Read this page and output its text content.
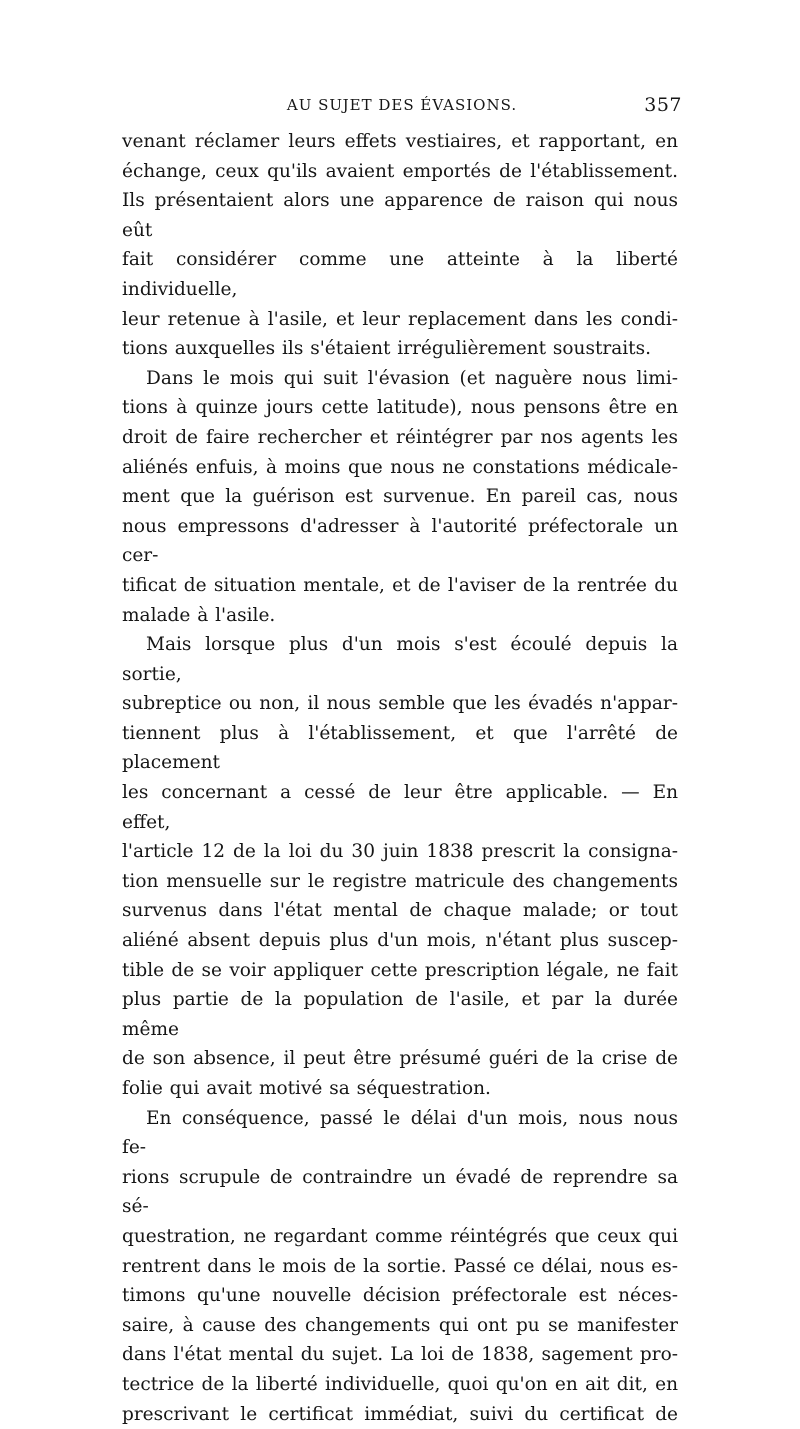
AU SUJET DES ÉVASIONS.	357

venant réclamer leurs effets vestiaires, et rapportant, en

échange, ceux qu'ils avaient emportés de l'établissement.

Ils présentaient alors une apparence de raison qui nous eût

fait considérer comme une atteinte à la liberté individuelle,

leur retenue à l'asile, et leur replacement dans les condi-

tions auxquelles ils s'étaient irrégulièrement soustraits.

Dans le mois qui suit l'évasion (et naguère nous limi-

tions à quinze jours cette latitude), nous pensons être en

droit de faire rechercher et réintégrer par nos agents les

aliénés enfuis, à moins que nous ne constations médicale-

ment que la guérison est survenue. En pareil cas, nous

nous empressons d'adresser à l'autorité préfectorale un cer-

tificat de situation mentale, et de l'aviser de la rentrée du

malade à l'asile.

Mais lorsque plus d'un mois s'est écoulé depuis la sortie,

subreptice ou non, il nous semble que les évadés n'appar-

tiennent plus à l'établissement, et que l'arrêté de placement

les concernant a cessé de leur être applicable. — En effet,

l'article 12 de la loi du 30 juin 1838 prescrit la consigna-

tion mensuelle sur le registre matricule des changements

survenus dans l'état mental de chaque malade; or tout

aliéné absent depuis plus d'un mois, n'étant plus suscep-

tible de se voir appliquer cette prescription légale, ne fait

plus partie de la population de l'asile, et par la durée même

de son absence, il peut être présumé guéri de la crise de

folie qui avait motivé sa séquestration.

En conséquence, passé le délai d'un mois, nous nous fe-

rions scrupule de contraindre un évadé de reprendre sa sé-

questration, ne regardant comme réintégrés que ceux qui

rentrent dans le mois de la sortie. Passé ce délai, nous es-

timons qu'une nouvelle décision préfectorale est néces-

saire, à cause des changements qui ont pu se manifester

dans l'état mental du sujet. La loi de 1838, sagement pro-

tectrice de la liberté individuelle, quoi qu'on en ait dit, en

prescrivant le certificat immédiat, suivi du certificat de
